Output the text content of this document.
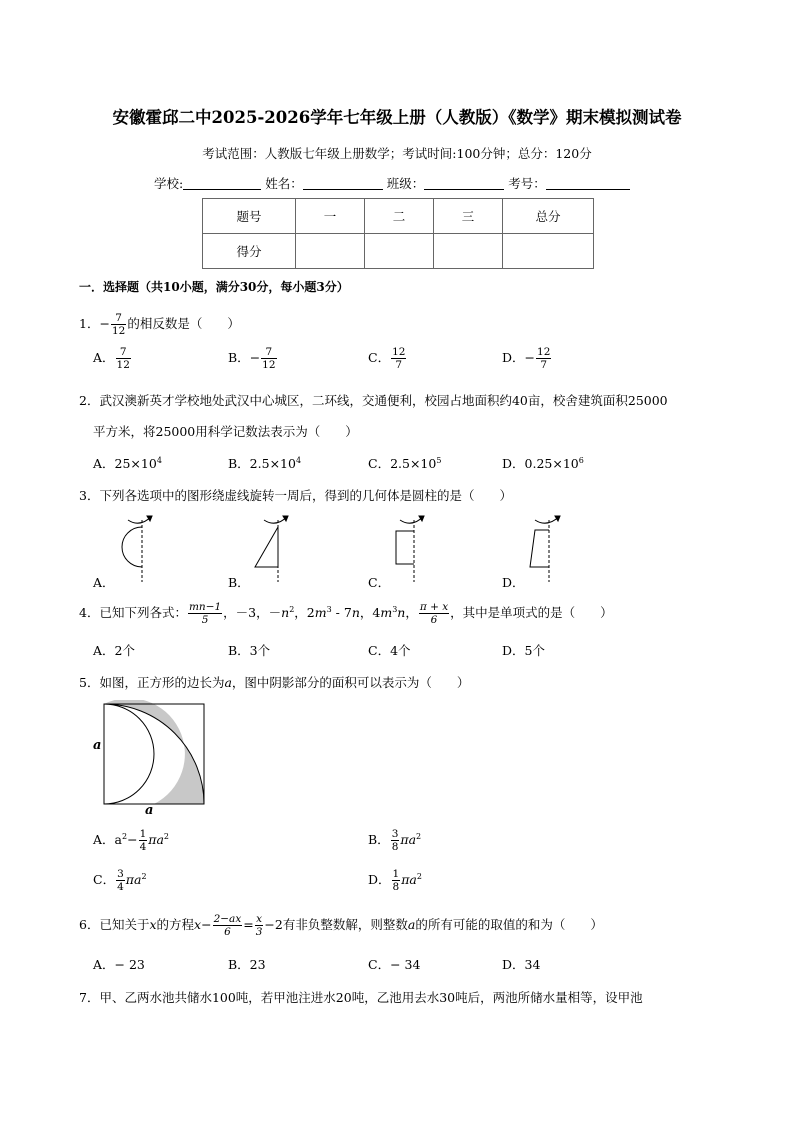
安徽霍邱二中2025-2026学年七年级上册（人教版）《数学》期末模拟测试卷
考试范围：人教版七年级上册数学；考试时间:100分钟；总分：120分
学校:	姓名：	班级：	考号：
题号	一	二	三	总分
得分				
一．选择题（共10小题，满分30分，每小题3分）
1．− $\frac{7}{12}$ 的相反数是（　　）
A． $\frac{7}{12}$	B．− $\frac{7}{12}$	C． $\frac{12}{7}$	D．− $\frac{12}{7}$
2．武汉澳新英才学校地处武汉中心城区，二环线，交通便利，校园占地面积约40亩，校舍建筑面积25000
平方米，将25000用科学记数法表示为（　　）
A．$25\times 10^4$	B．$2.5\times 10^4$	C．$2.5\times 10^5$	D．$0.25\times 10^6$
3．下列各选项中的图形绕虚线旋转一周后，得到的几何体是圆柱的是（　　）
A．	B．	C．	D．
4．已知下列各式： $\frac{mn-1}{5}$ ，－3，$-n^2$，$2m^3 - 7n$，$4m^3n$， $\frac{\pi + x}{6}$ ，其中是单项式的是（　　）
A．2个	B．3个	C．4个	D．5个
5．如图，正方形的边长为a，图中阴影部分的面积可以表示为（　　）
a
a
A．$a^2- \frac{1}{4} \pi a^2$	B． $\frac{3}{8} \pi a^2$
C． $\frac{3}{4} \pi a^2$	D． $\frac{1}{8} \pi a^2$
6．已知关于x的方程$x- \frac{2-ax}{6} = \frac{x}{3} -2$有非负整数解，则整数a的所有可能的取值的和为（　　）
A．− 23	B．23	C．− 34	D．34
7．甲、乙两水池共储水100吨，若甲池注进水20吨，乙池用去水30吨后，两池所储水量相等，设甲池
